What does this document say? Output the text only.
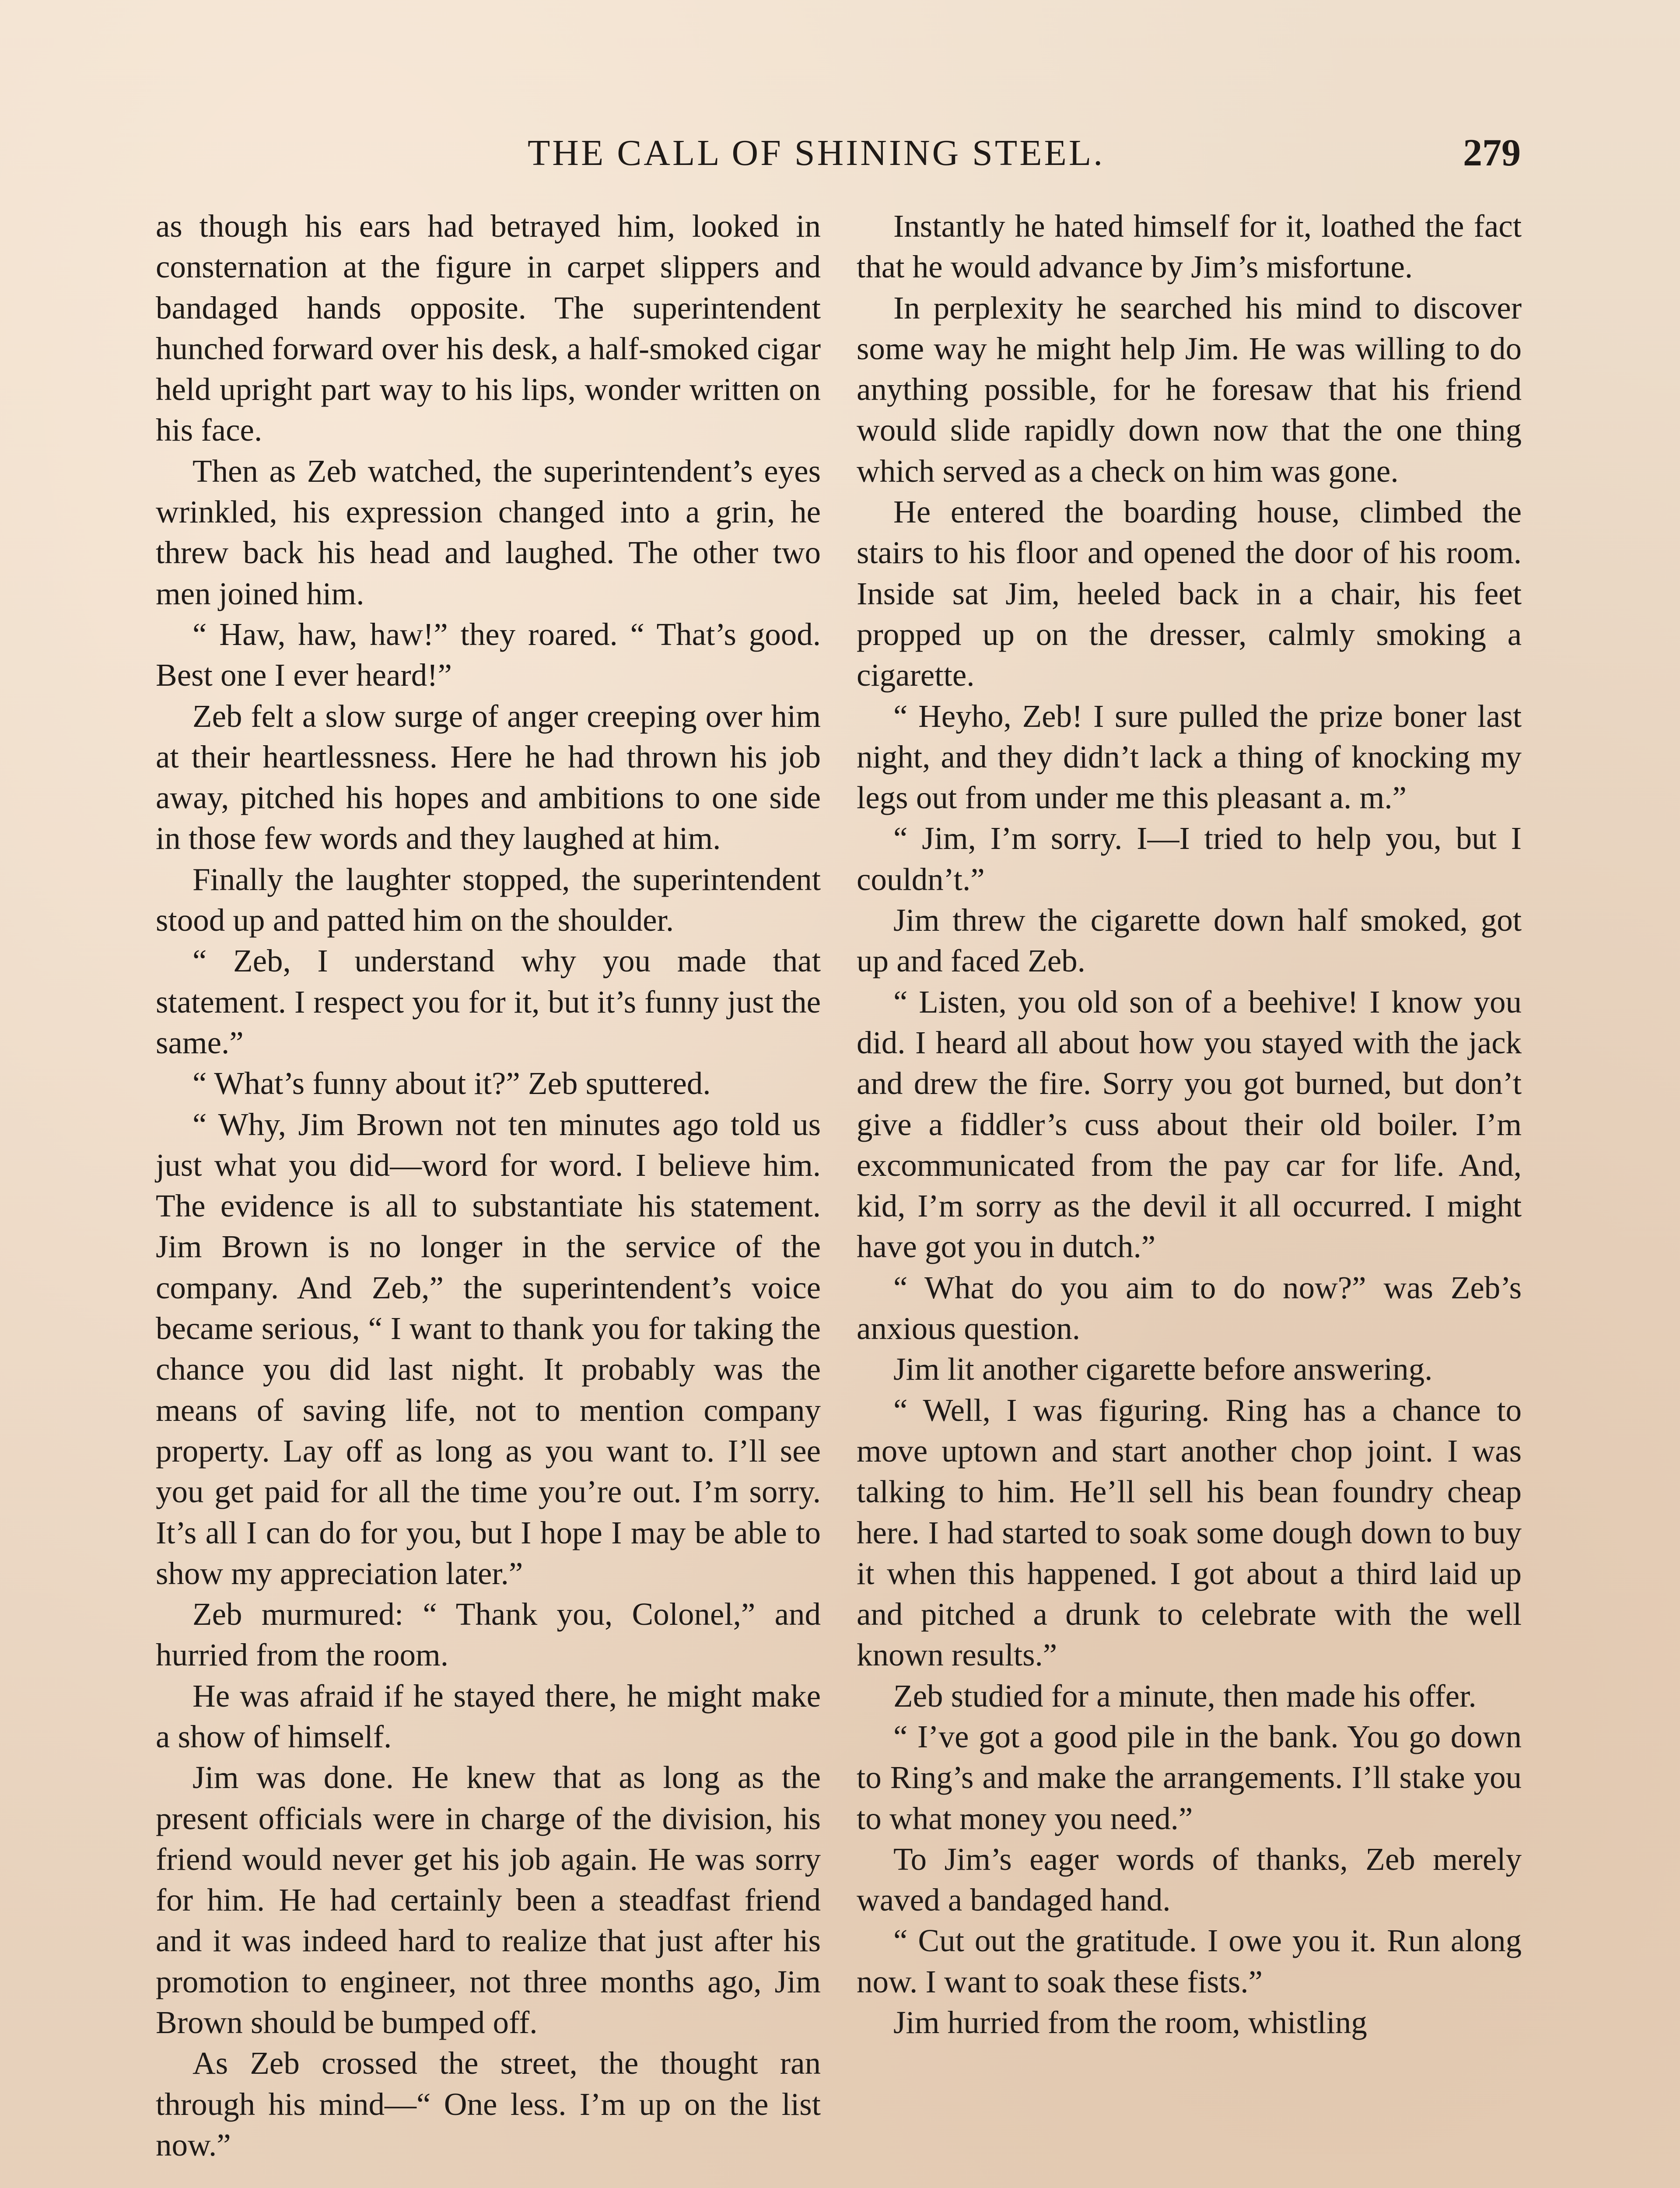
THE CALL OF SHINING STEEL.	279

as though his ears had betrayed him, looked in consternation at the figure in carpet slippers and bandaged hands opposite. The superintendent hunched forward over his desk, a half-smoked cigar held upright part way to his lips, wonder written on his face.

Then as Zeb watched, the superintendent’s eyes wrinkled, his expression changed into a grin, he threw back his head and laughed. The other two men joined him.

“ Haw, haw, haw!” they roared. “ That’s good. Best one I ever heard!”

Zeb felt a slow surge of anger creeping over him at their heartlessness. Here he had thrown his job away, pitched his hopes and ambitions to one side in those few words and they laughed at him.

Finally the laughter stopped, the superintendent stood up and patted him on the shoulder.

“ Zeb, I understand why you made that statement. I respect you for it, but it’s funny just the same.”

“ What’s funny about it?” Zeb sputtered.

“ Why, Jim Brown not ten minutes ago told us just what you did—word for word. I believe him. The evidence is all to substantiate his statement. Jim Brown is no longer in the service of the company. And Zeb,” the superintendent’s voice became serious, “ I want to thank you for taking the chance you did last night. It probably was the means of saving life, not to mention company property. Lay off as long as you want to. I’ll see you get paid for all the time you’re out. I’m sorry. It’s all I can do for you, but I hope I may be able to show my appreciation later.”

Zeb murmured: “ Thank you, Colonel,” and hurried from the room.

He was afraid if he stayed there, he might make a show of himself.

Jim was done. He knew that as long as the present officials were in charge of the division, his friend would never get his job again. He was sorry for him. He had certainly been a steadfast friend and it was indeed hard to realize that just after his promotion to engineer, not three months ago, Jim Brown should be bumped off.

As Zeb crossed the street, the thought ran through his mind—“ One less. I’m up on the list now.”

Instantly he hated himself for it, loathed the fact that he would advance by Jim’s misfortune.

In perplexity he searched his mind to discover some way he might help Jim. He was willing to do anything possible, for he foresaw that his friend would slide rapidly down now that the one thing which served as a check on him was gone.

He entered the boarding house, climbed the stairs to his floor and opened the door of his room. Inside sat Jim, heeled back in a chair, his feet propped up on the dresser, calmly smoking a cigarette.

“ Heyho, Zeb! I sure pulled the prize boner last night, and they didn’t lack a thing of knocking my legs out from under me this pleasant a. m.”

“ Jim, I’m sorry. I—I tried to help you, but I couldn’t.”

Jim threw the cigarette down half smoked, got up and faced Zeb.

“ Listen, you old son of a beehive! I know you did. I heard all about how you stayed with the jack and drew the fire. Sorry you got burned, but don’t give a fiddler’s cuss about their old boiler. I’m excommunicated from the pay car for life. And, kid, I’m sorry as the devil it all occurred. I might have got you in dutch.”

“ What do you aim to do now?” was Zeb’s anxious question.

Jim lit another cigarette before answering.

“ Well, I was figuring. Ring has a chance to move uptown and start another chop joint. I was talking to him. He’ll sell his bean foundry cheap here. I had started to soak some dough down to buy it when this happened. I got about a third laid up and pitched a drunk to celebrate with the well known results.”

Zeb studied for a minute, then made his offer.

“ I’ve got a good pile in the bank. You go down to Ring’s and make the arrangements. I’ll stake you to what money you need.”

To Jim’s eager words of thanks, Zeb merely waved a bandaged hand.

“ Cut out the gratitude. I owe you it. Run along now. I want to soak these fists.”

Jim hurried from the room, whistling
